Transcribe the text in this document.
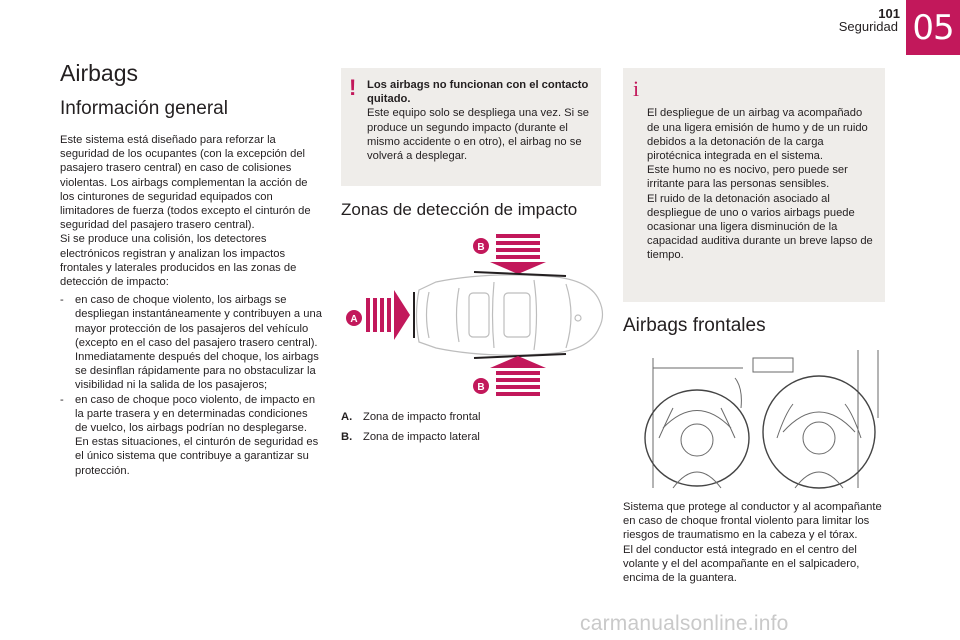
101
Seguridad 05
Airbags
Información general
Este sistema está diseñado para reforzar la seguridad de los ocupantes (con la excepción del pasajero trasero central) en caso de colisiones violentas. Los airbags complementan la acción de los cinturones de seguridad equipados con limitadores de fuerza (todos excepto el cinturón de seguridad del pasajero trasero central).
Si se produce una colisión, los detectores electrónicos registran y analizan los impactos frontales y laterales producidos en las zonas de detección de impacto:
- en caso de choque violento, los airbags se despliegan instantáneamente y contribuyen a una mayor protección de los pasajeros del vehículo (excepto en el caso del pasajero trasero central). Inmediatamente después del choque, los airbags se desinflan rápidamente para no obstaculizar la visibilidad ni la salida de los pasajeros;
- en caso de choque poco violento, de impacto en la parte trasera y en determinadas condiciones de vuelco, los airbags podrían no desplegarse. En estas situaciones, el cinturón de seguridad es el único sistema que contribuye a garantizar su protección.
! Los airbags no funcionan con el contacto quitado.
Este equipo solo se despliega una vez. Si se produce un segundo impacto (durante el mismo accidente o en otro), el airbag no se volverá a desplegar.
Zonas de detección de impacto
B
A
B
A. Zona de impacto frontal
B. Zona de impacto lateral

i

El despliegue de un airbag va acompañado de una ligera emisión de humo y de un ruido debidos a la detonación de la carga pirotécnica integrada en el sistema.
Este humo no es nocivo, pero puede ser irritante para las personas sensibles.
El ruido de la detonación asociado al despliegue de uno o varios airbags puede ocasionar una ligera disminución de la capacidad auditiva durante un breve lapso de tiempo.

Airbags frontales
Sistema que protege al conductor y al acompañante en caso de choque frontal violento para limitar los riesgos de traumatismo en la cabeza y el tórax.
El del conductor está integrado en el centro del volante y el del acompañante en el salpicadero, encima de la guantera.
carmanualsonline.info
